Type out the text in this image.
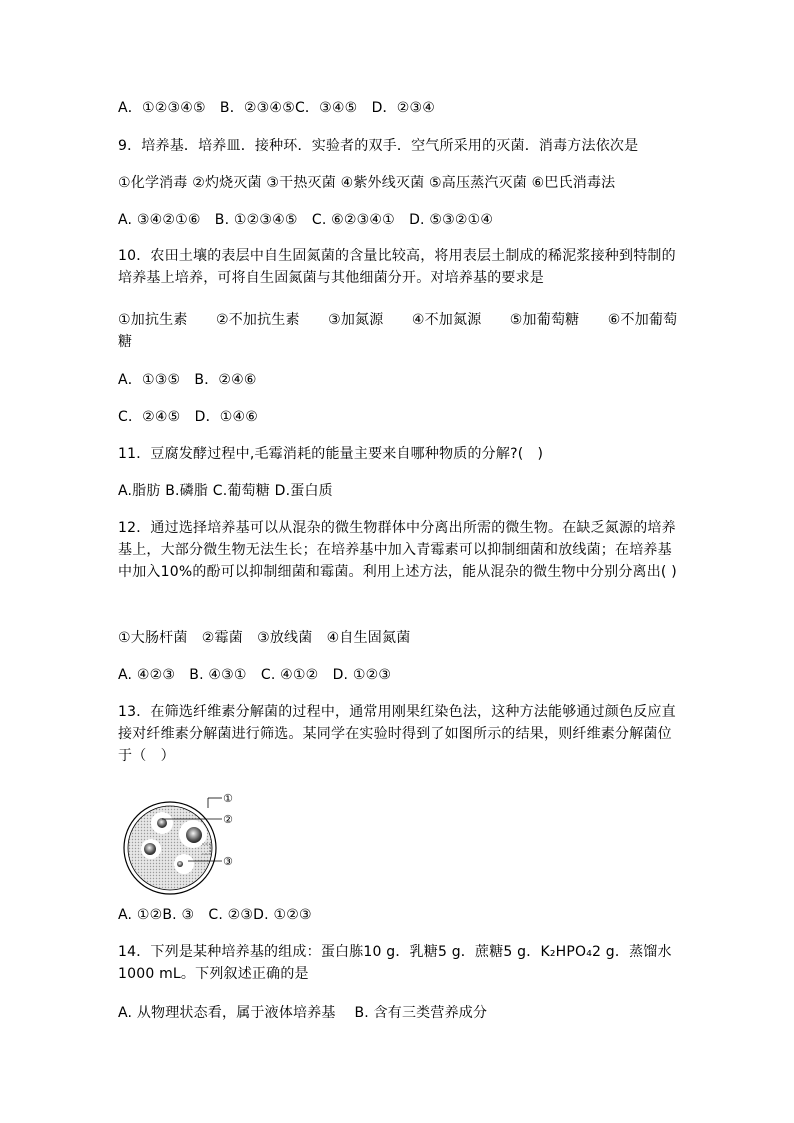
A．①②③④⑤　B．②③④⑤C．③④⑤　D．②③④
9．培养基．培养皿．接种环．实验者的双手．空气所采用的灭菌．消毒方法依次是
①化学消毒 ②灼烧灭菌 ③干热灭菌 ④紫外线灭菌 ⑤高压蒸汽灭菌 ⑥巴氏消毒法
A. ③④②①⑥　B. ①②③④⑤　C. ⑥②③④①　D. ⑤③②①④
10．农田土壤的表层中自生固氮菌的含量比较高，将用表层土制成的稀泥浆接种到特制的培养基上培养，可将自生固氮菌与其他细菌分开。对培养基的要求是
①加抗生素　　②不加抗生素　　③加氮源　　④不加氮源　　⑤加葡萄糖　　⑥不加葡萄糖
A．①③⑤　B．②④⑥
C．②④⑤　D．①④⑥
11．豆腐发酵过程中,毛霉消耗的能量主要来自哪种物质的分解?(　)
A.脂肪 B.磷脂 C.葡萄糖 D.蛋白质
12．通过选择培养基可以从混杂的微生物群体中分离出所需的微生物。在缺乏氮源的培养基上，大部分微生物无法生长；在培养基中加入青霉素可以抑制细菌和放线菌；在培养基中加入10%的酚可以抑制细菌和霉菌。利用上述方法，能从混杂的微生物中分别分离出( )
①大肠杆菌　②霉菌　③放线菌　④自生固氮菌
A. ④②③　B. ④③①　C. ④①②　D. ①②③
13．在筛选纤维素分解菌的过程中，通常用刚果红染色法，这种方法能够通过颜色反应直接对纤维素分解菌进行筛选。某同学在实验时得到了如图所示的结果，则纤维素分解菌位于（　）
①
②
③
A. ①②B. ③　C. ②③D. ①②③
14．下列是某种培养基的组成：蛋白胨10 g．乳糖5 g．蔗糖5 g．K₂HPO₄2 g．蒸馏水1000 mL。下列叙述正确的是
A. 从物理状态看，属于液体培养基　 B. 含有三类营养成分
